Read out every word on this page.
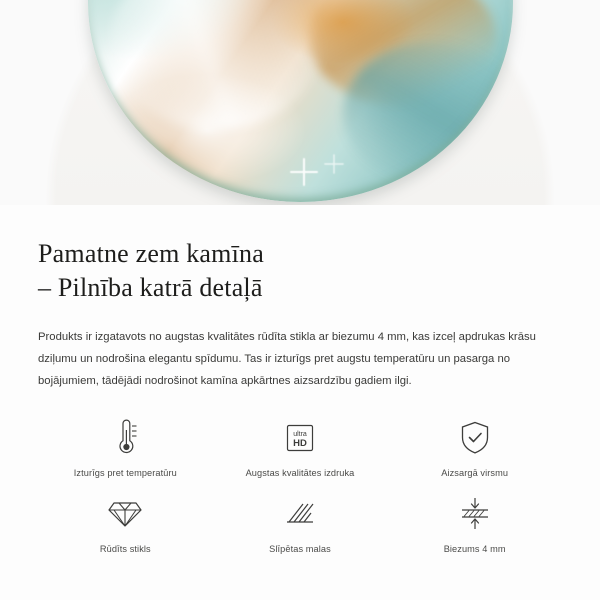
Pamatne zem kamīna
– Pilnība katrā detaļā

Produkts ir izgatavots no augstas kvalitātes rūdīta stikla ar biezumu 4 mm, kas izceļ apdrukas krāsu dziļumu un nodrošina elegantu spīdumu. Tas ir izturīgs pret augstu temperatūru un pasarga no bojājumiem, tādējādi nodrošinot kamīna apkārtnes aizsardzību gadiem ilgi.

Izturīgs pret temperatūru
ultra
HD
Augstas kvalitātes izdruka	Aizsargā virsmu
Rūdīts stikls	Slīpētas malas	Biezums 4 mm
